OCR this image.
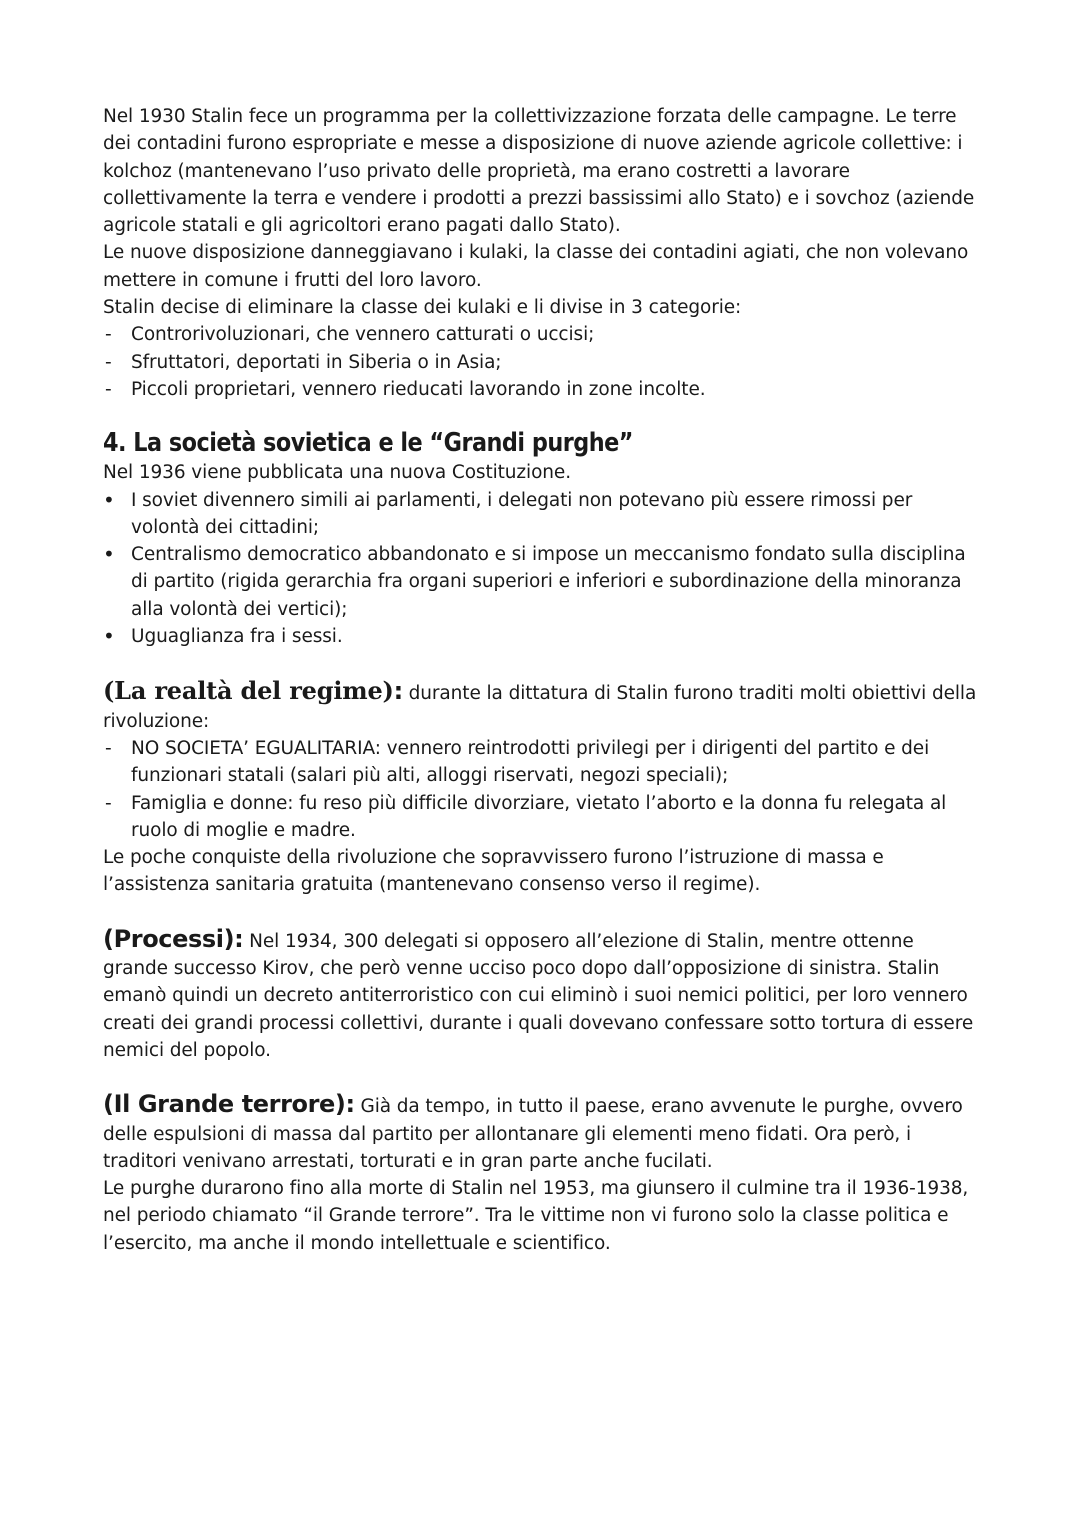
Nel 1930 Stalin fece un programma per la collettivizzazione forzata delle campagne. Le terre dei contadini furono espropriate e messe a disposizione di nuove aziende agricole collettive: i kolchoz (mantenevano l’uso privato delle proprietà, ma erano costretti a lavorare collettivamente la terra e vendere i prodotti a prezzi bassissimi allo Stato) e i sovchoz (aziende agricole statali e gli agricoltori erano pagati dallo Stato).

Le nuove disposizione danneggiavano i kulaki, la classe dei contadini agiati, che non volevano mettere in comune i frutti del loro lavoro.

Stalin decise di eliminare la classe dei kulaki e li divise in 3 categorie:

- Controrivoluzionari, che vennero catturati o uccisi;
- Sfruttatori, deportati in Siberia o in Asia;
- Piccoli proprietari, vennero rieducati lavorando in zone incolte.
4. La società sovietica e le “Grandi purghe”

Nel 1936 viene pubblicata una nuova Costituzione.

• I soviet divennero simili ai parlamenti, i delegati non potevano più essere rimossi per volontà dei cittadini;
• Centralismo democratico abbandonato e si impose un meccanismo fondato sulla disciplina di partito (rigida gerarchia fra organi superiori e inferiori e subordinazione della minoranza alla volontà dei vertici);
• Uguaglianza fra i sessi.

(La realtà del regime): durante la dittatura di Stalin furono traditi molti obiettivi della rivoluzione:

- NO SOCIETA’ EGUALITARIA: vennero reintrodotti privilegi per i dirigenti del partito e dei funzionari statali (salari più alti, alloggi riservati, negozi speciali);
- Famiglia e donne: fu reso più difficile divorziare, vietato l’aborto e la donna fu relegata al ruolo di moglie e madre.

Le poche conquiste della rivoluzione che sopravvissero furono l’istruzione di massa e l’assistenza sanitaria gratuita (mantenevano consenso verso il regime).

(Processi): Nel 1934, 300 delegati si opposero all’elezione di Stalin, mentre ottenne grande successo Kirov, che però venne ucciso poco dopo dall’opposizione di sinistra. Stalin emanò quindi un decreto antiterroristico con cui eliminò i suoi nemici politici, per loro vennero creati dei grandi processi collettivi, durante i quali dovevano confessare sotto tortura di essere nemici del popolo.

(Il Grande terrore): Già da tempo, in tutto il paese, erano avvenute le purghe, ovvero delle espulsioni di massa dal partito per allontanare gli elementi meno fidati. Ora però, i traditori venivano arrestati, torturati e in gran parte anche fucilati.

Le purghe durarono fino alla morte di Stalin nel 1953, ma giunsero il culmine tra il 1936-1938, nel periodo chiamato “il Grande terrore”. Tra le vittime non vi furono solo la classe politica e l’esercito, ma anche il mondo intellettuale e scientifico.
